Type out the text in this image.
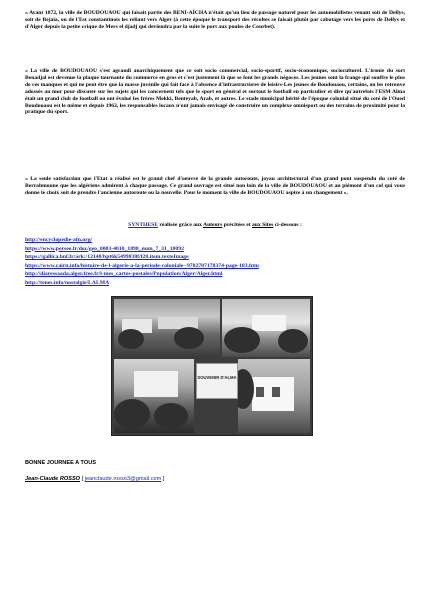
« Avant 1872, la ville de BOUDOUAOU qui faisait partie des BENI-AÏCHA n'était qu'un lieu de passage naturel pour les automobilistes venant soit de Dellys, soit de Bejaia, ou de l'Est constantinois les reliant vers Alger (à cette époque le transport des récoltes se faisait plutôt par cabotage vers les ports de Dellys et d'Alger depuis la petite crique de Mers el djadj qui deviendra par la suite le port aux poules de Courbet).

« La ville de BOUDOUAOU s'est agrandi anarchiquement que ce soit socio commercial, socio-sportif, socio-économique, socioculturel. L'ironie du sort Benadjal est devenue la plaque tournante du commerce en gros et c'est justement là que se font les grands négoces. Les jeunes sont la frange qui souffre le plus de ces manques et qui ne peut être que la masse juvénile qui fait face à l'absence d'infrastructures de loisirs-Les jeunes de Boudouaou, certains, on les retrouve adossés au mur pour discuter sur les sujets qui les concernent tels que le sport en général et surtout le football en particulier et dire qu'autrefois l'ESM Alma était un grand club de football ou ont évolué les frères Mekki, Benteyab, Arab, et autres. Le stade municipal hérité de l'époque colonial situé du coté de l'Oued Boudouaou est le même et depuis 1962, les responsables locaux n'ont jamais envisagé de construire un complexe omnisport ou des terrains de proximité pour la pratique du sport.

« La seule satisfaction que l'Etat a réalisé est le grand chef d'oeuvre de la grande autoroute, joyau architectural d'un grand pont suspendu du coté de Berrahmoune que les algériens admirent à chaque passage. Ce grand ouvrage est situé non loin de la ville de BOUDOUAOU et au piémont d'un col qui vous donne le choix soit de prendre l'ancienne autoroute ou la nouvelle. Pour le moment la ville de BOUDOUAOU aspire à un changement ».

SYNTHESE réalisée grâce aux Auteurs précitées et aux Sites ci-dessous :
http://encyclopedie-afn.org/
https://www.persee.fr/doc/geo_0003-4010_1898_num_7_31_18092
https://gallica.bnf.fr/ark:/12148/bpt6k5499838f/f28.item.texteImage
https://www.cairn.info/histoire-de-l-algerie-a-la-periode-coloniale--9782707178374-page-103.htm
http://diaressaada.alger.free.fr/l-mes_cartes-postales/Population/Alger/Alger.html
http://tenes.info/nostalgie/LALMA
SOUVENIR D'ALMA
BONNE JOURNEE A TOUS
Jean-Claude ROSSO [ jeanclaude.rosso3@gmail.com ]
